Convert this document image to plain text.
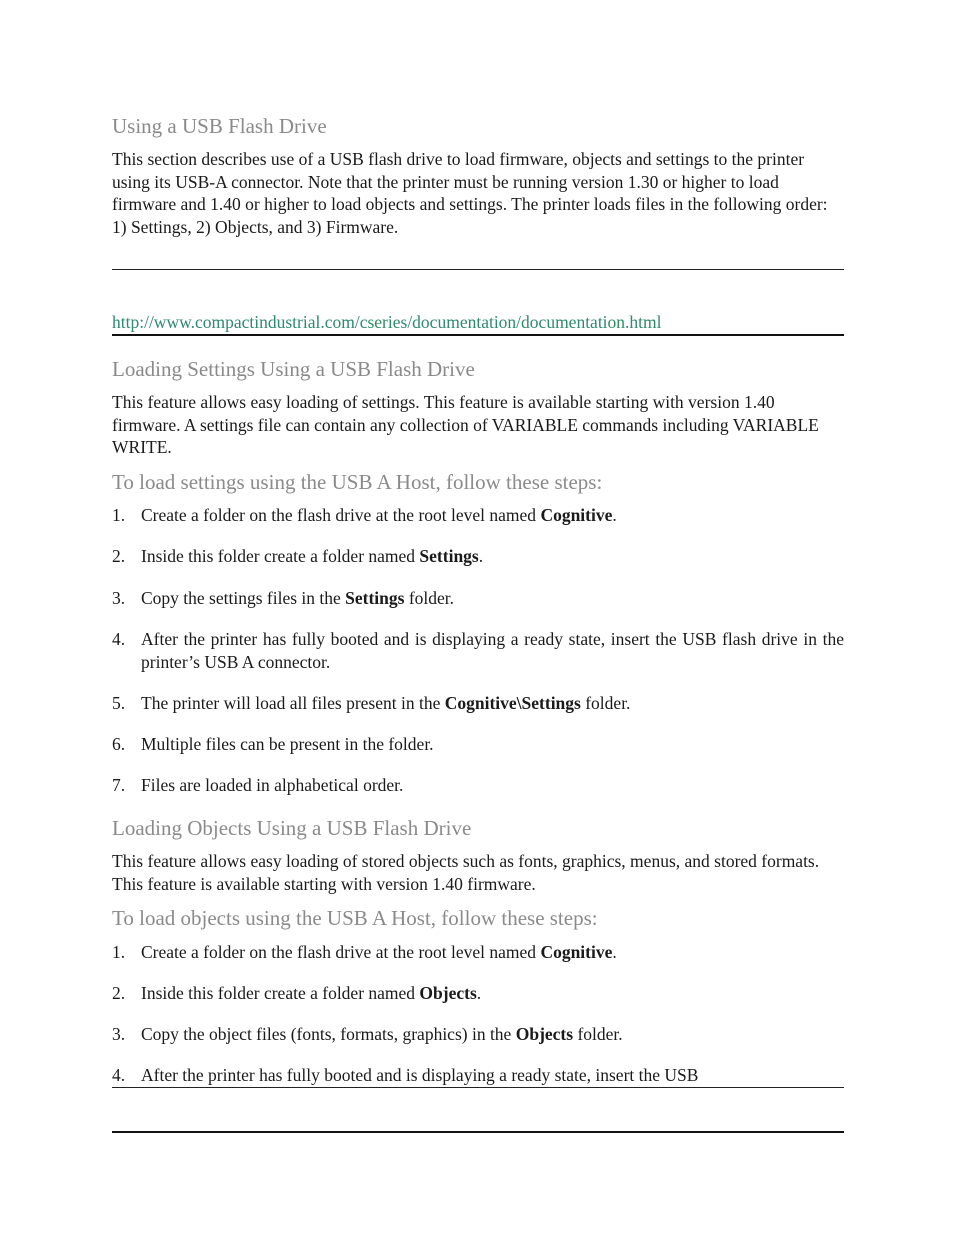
Using a USB Flash Drive

This section describes use of a USB flash drive to load firmware, objects and settings to the printer using its USB-A connector. Note that the printer must be running version 1.30 or higher to load firmware and 1.40 or higher to load objects and settings. The printer loads files in the following order: 1) Settings, 2) Objects, and 3) Firmware.

http://www.compactindustrial.com/cseries/documentation/documentation.html
Loading Settings Using a USB Flash Drive

This feature allows easy loading of settings. This feature is available starting with version 1.40 firmware. A settings file can contain any collection of VARIABLE commands including VARIABLE WRITE.

To load settings using the USB A Host, follow these steps:
1. Create a folder on the flash drive at the root level named Cognitive.
2. Inside this folder create a folder named Settings.
3. Copy the settings files in the Settings folder.
4. After the printer has fully booted and is displaying a ready state, insert the USB flash drive in the printer’s USB A connector.
5. The printer will load all files present in the Cognitive\Settings folder.
6. Multiple files can be present in the folder.
7. Files are loaded in alphabetical order.
Loading Objects Using a USB Flash Drive

This feature allows easy loading of stored objects such as fonts, graphics, menus, and stored formats. This feature is available starting with version 1.40 firmware.

To load objects using the USB A Host, follow these steps:
1. Create a folder on the flash drive at the root level named Cognitive.
2. Inside this folder create a folder named Objects.
3. Copy the object files (fonts, formats, graphics) in the Objects folder.
4. After the printer has fully booted and is displaying a ready state, insert the USB
